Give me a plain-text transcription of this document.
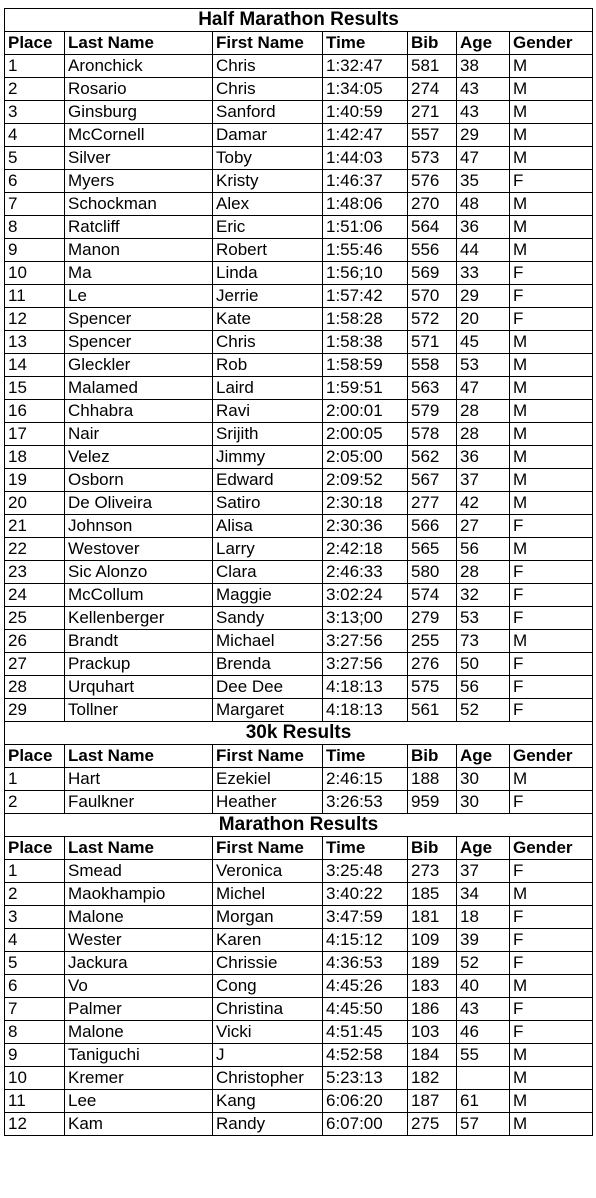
Half Marathon Results						
Place	Last Name	First Name	Time	Bib	Age	Gender
1	Aronchick	Chris	1:32:47	581	38	M
2	Rosario	Chris	1:34:05	274	43	M
3	Ginsburg	Sanford	1:40:59	271	43	M
4	McCornell	Damar	1:42:47	557	29	M
5	Silver	Toby	1:44:03	573	47	M
6	Myers	Kristy	1:46:37	576	35	F
7	Schockman	Alex	1:48:06	270	48	M
8	Ratcliff	Eric	1:51:06	564	36	M
9	Manon	Robert	1:55:46	556	44	M
10	Ma	Linda	1:56;10	569	33	F
11	Le	Jerrie	1:57:42	570	29	F
12	Spencer	Kate	1:58:28	572	20	F
13	Spencer	Chris	1:58:38	571	45	M
14	Gleckler	Rob	1:58:59	558	53	M
15	Malamed	Laird	1:59:51	563	47	M
16	Chhabra	Ravi	2:00:01	579	28	M
17	Nair	Srijith	2:00:05	578	28	M
18	Velez	Jimmy	2:05:00	562	36	M
19	Osborn	Edward	2:09:52	567	37	M
20	De Oliveira	Satiro	2:30:18	277	42	M
21	Johnson	Alisa	2:30:36	566	27	F
22	Westover	Larry	2:42:18	565	56	M
23	Sic Alonzo	Clara	2:46:33	580	28	F
24	McCollum	Maggie	3:02:24	574	32	F
25	Kellenberger	Sandy	3:13;00	279	53	F
26	Brandt	Michael	3:27:56	255	73	M
27	Prackup	Brenda	3:27:56	276	50	F
28	Urquhart	Dee Dee	4:18:13	575	56	F
29	Tollner	Margaret	4:18:13	561	52	F
30k Results						
Place	Last Name	First Name	Time	Bib	Age	Gender
1	Hart	Ezekiel	2:46:15	188	30	M
2	Faulkner	Heather	3:26:53	959	30	F
Marathon Results						
Place	Last Name	First Name	Time	Bib	Age	Gender
1	Smead	Veronica	3:25:48	273	37	F
2	Maokhampio	Michel	3:40:22	185	34	M
3	Malone	Morgan	3:47:59	181	18	F
4	Wester	Karen	4:15:12	109	39	F
5	Jackura	Chrissie	4:36:53	189	52	F
6	Vo	Cong	4:45:26	183	40	M
7	Palmer	Christina	4:45:50	186	43	F
8	Malone	Vicki	4:51:45	103	46	F
9	Taniguchi	J	4:52:58	184	55	M
10	Kremer	Christopher	5:23:13	182		M
11	Lee	Kang	6:06:20	187	61	M
12	Kam	Randy	6:07:00	275	57	M
